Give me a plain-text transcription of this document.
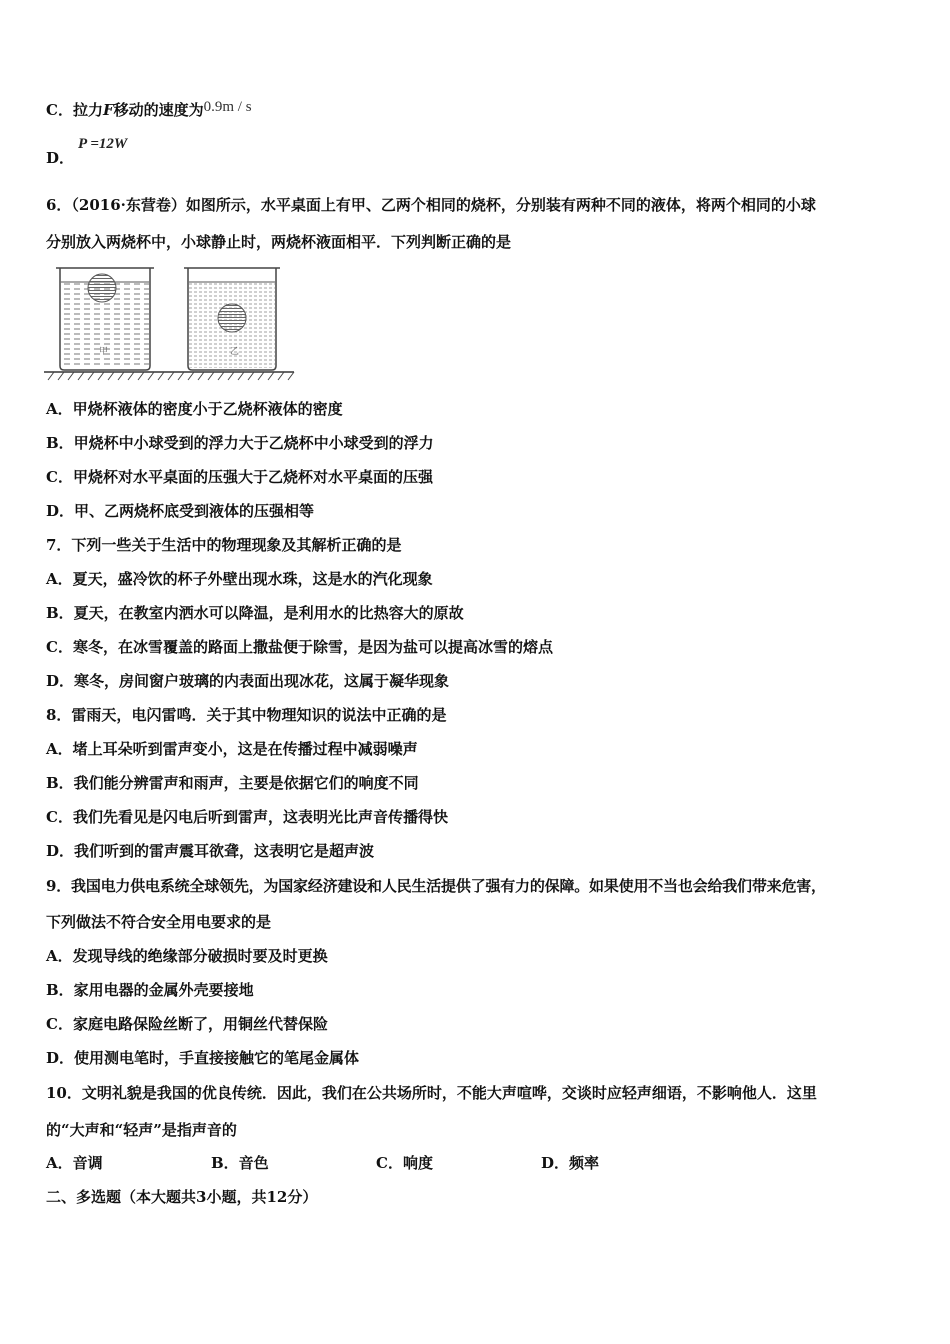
C．拉力F移动的速度为0.9m / s
D．
P =12W
6．（2016·东营卷）如图所示，水平桌面上有甲、乙两个相同的烧杯，分别装有两种不同的液体，将两个相同的小球
分别放入两烧杯中，小球静止时，两烧杯液面相平．下列判断正确的是
甲	乙
A．甲烧杯液体的密度小于乙烧杯液体的密度
B．甲烧杯中小球受到的浮力大于乙烧杯中小球受到的浮力
C．甲烧杯对水平桌面的压强大于乙烧杯对水平桌面的压强
D．甲、乙两烧杯底受到液体的压强相等
7．下列一些关于生活中的物理现象及其解析正确的是
A．夏天，盛冷饮的杯子外壁出现水珠，这是水的汽化现象
B．夏天，在教室内洒水可以降温，是利用水的比热容大的原故
C．寒冬，在冰雪覆盖的路面上撒盐便于除雪，是因为盐可以提高冰雪的熔点
D．寒冬，房间窗户玻璃的内表面出现冰花，这属于凝华现象
8．雷雨天，电闪雷鸣．关于其中物理知识的说法中正确的是
A．堵上耳朵听到雷声变小，这是在传播过程中减弱噪声
B．我们能分辨雷声和雨声，主要是依据它们的响度不同
C．我们先看见是闪电后听到雷声，这表明光比声音传播得快
D．我们听到的雷声震耳欲聋，这表明它是超声波
9．我国电力供电系统全球领先，为国家经济建设和人民生活提供了强有力的保障。如果使用不当也会给我们带来危害，
下列做法不符合安全用电要求的是
A．发现导线的绝缘部分破损时要及时更换
B．家用电器的金属外壳要接地
C．家庭电路保险丝断了，用铜丝代替保险
D．使用测电笔时，手直接接触它的笔尾金属体
10．文明礼貌是我国的优良传统．因此，我们在公共场所时，不能大声喧哗，交谈时应轻声细语，不影响他人．这里
的“大声和“轻声”是指声音的
A．音调	B．音色	C．响度	D．频率
二、多选题（本大题共3小题，共12分）
